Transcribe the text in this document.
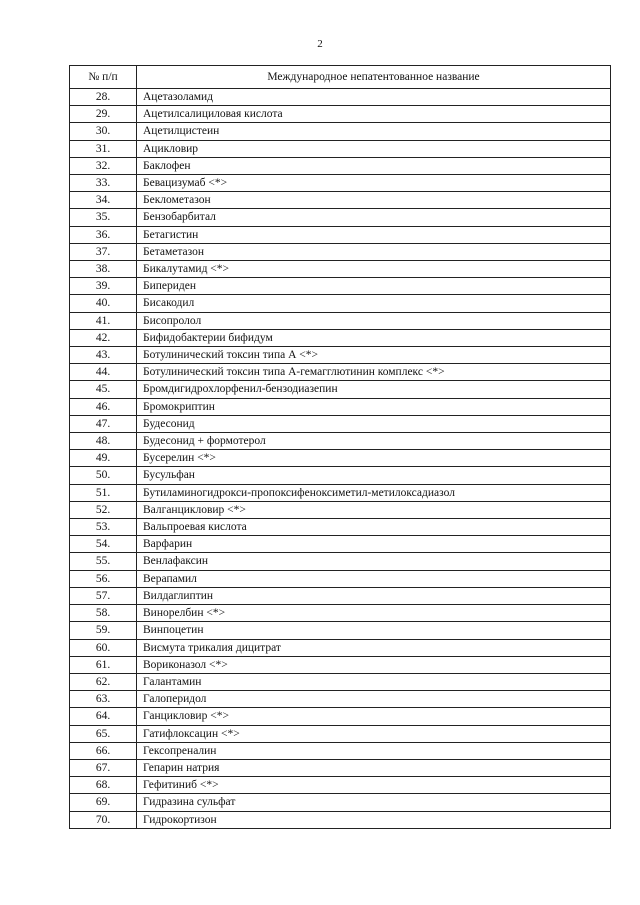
2
№ п/п	Международное непатентованное название
28.	Ацетазоламид
29.	Ацетилсалициловая кислота
30.	Ацетилцистеин
31.	Ацикловир
32.	Баклофен
33.	Бевацизумаб <*>
34.	Беклометазон
35.	Бензобарбитал
36.	Бетагистин
37.	Бетаметазон
38.	Бикалутамид <*>
39.	Бипериден
40.	Бисакодил
41.	Бисопролол
42.	Бифидобактерии бифидум
43.	Ботулинический токсин типа А <*>
44.	Ботулинический токсин типа А-гемагглютинин комплекс <*>
45.	Бромдигидрохлорфенил-бензодиазепин
46.	Бромокриптин
47.	Будесонид
48.	Будесонид + формотерол
49.	Бусерелин <*>
50.	Бусульфан
51.	Бутиламиногидрокси-пропоксифеноксиметил-метилоксадиазол
52.	Валганцикловир <*>
53.	Вальпроевая кислота
54.	Варфарин
55.	Венлафаксин
56.	Верапамил
57.	Вилдаглиптин
58.	Винорелбин <*>
59.	Винпоцетин
60.	Висмута трикалия дицитрат
61.	Вориконазол <*>
62.	Галантамин
63.	Галоперидол
64.	Ганцикловир <*>
65.	Гатифлоксацин <*>
66.	Гексопреналин
67.	Гепарин натрия
68.	Гефитиниб <*>
69.	Гидразина сульфат
70.	Гидрокортизон
